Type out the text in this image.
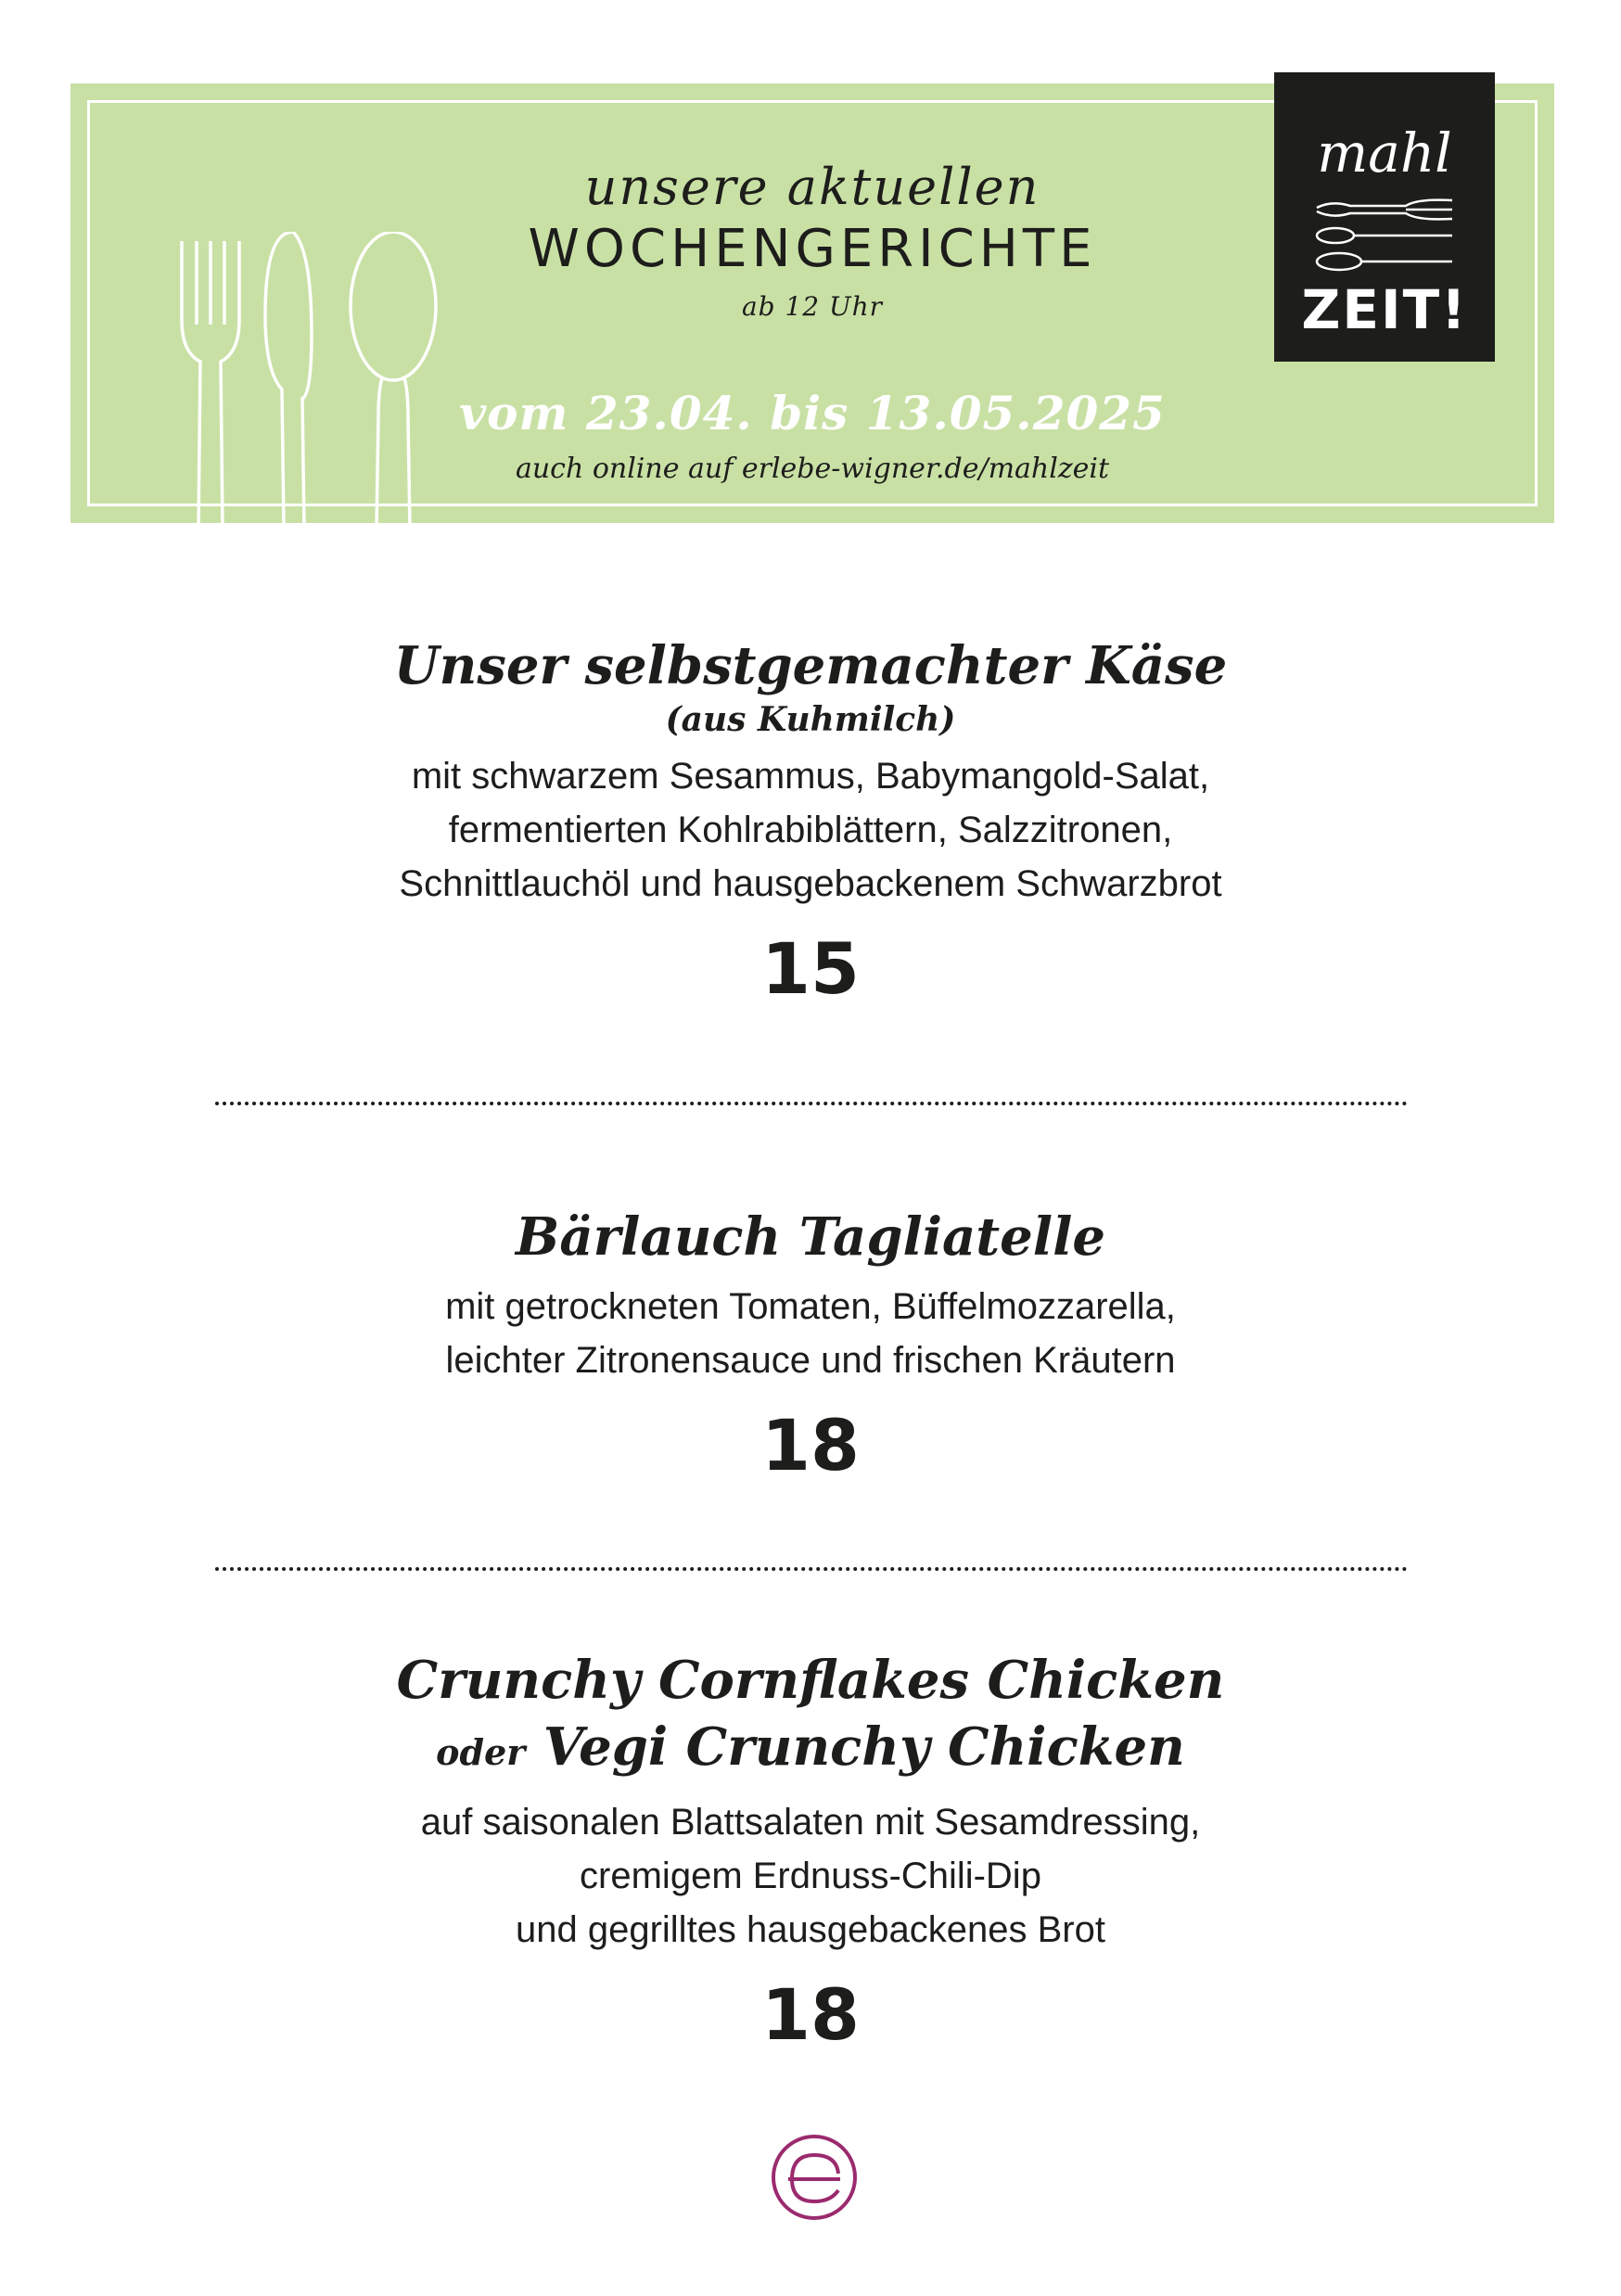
mahl
ZEIT!
unsere aktuellen
WOCHENGERICHTE
ab 12 Uhr
vom 23.04. bis 13.05.2025
auch online auf erlebe-wigner.de/mahlzeit
Unser selbstgemachter Käse
(aus Kuhmilch)
mit schwarzem Sesammus, Babymangold-Salat,
fermentierten Kohlrabiblättern, Salzzitronen,
Schnittlauchöl und hausgebackenem Schwarzbrot
15
Bärlauch Tagliatelle
mit getrockneten Tomaten, Büffelmozzarella,
leichter Zitronensauce und frischen Kräutern
18
Crunchy Cornflakes Chicken
oder Vegi Crunchy Chicken
auf saisonalen Blattsalaten mit Sesamdressing,
cremigem Erdnuss-Chili-Dip
und gegrilltes hausgebackenes Brot
18
